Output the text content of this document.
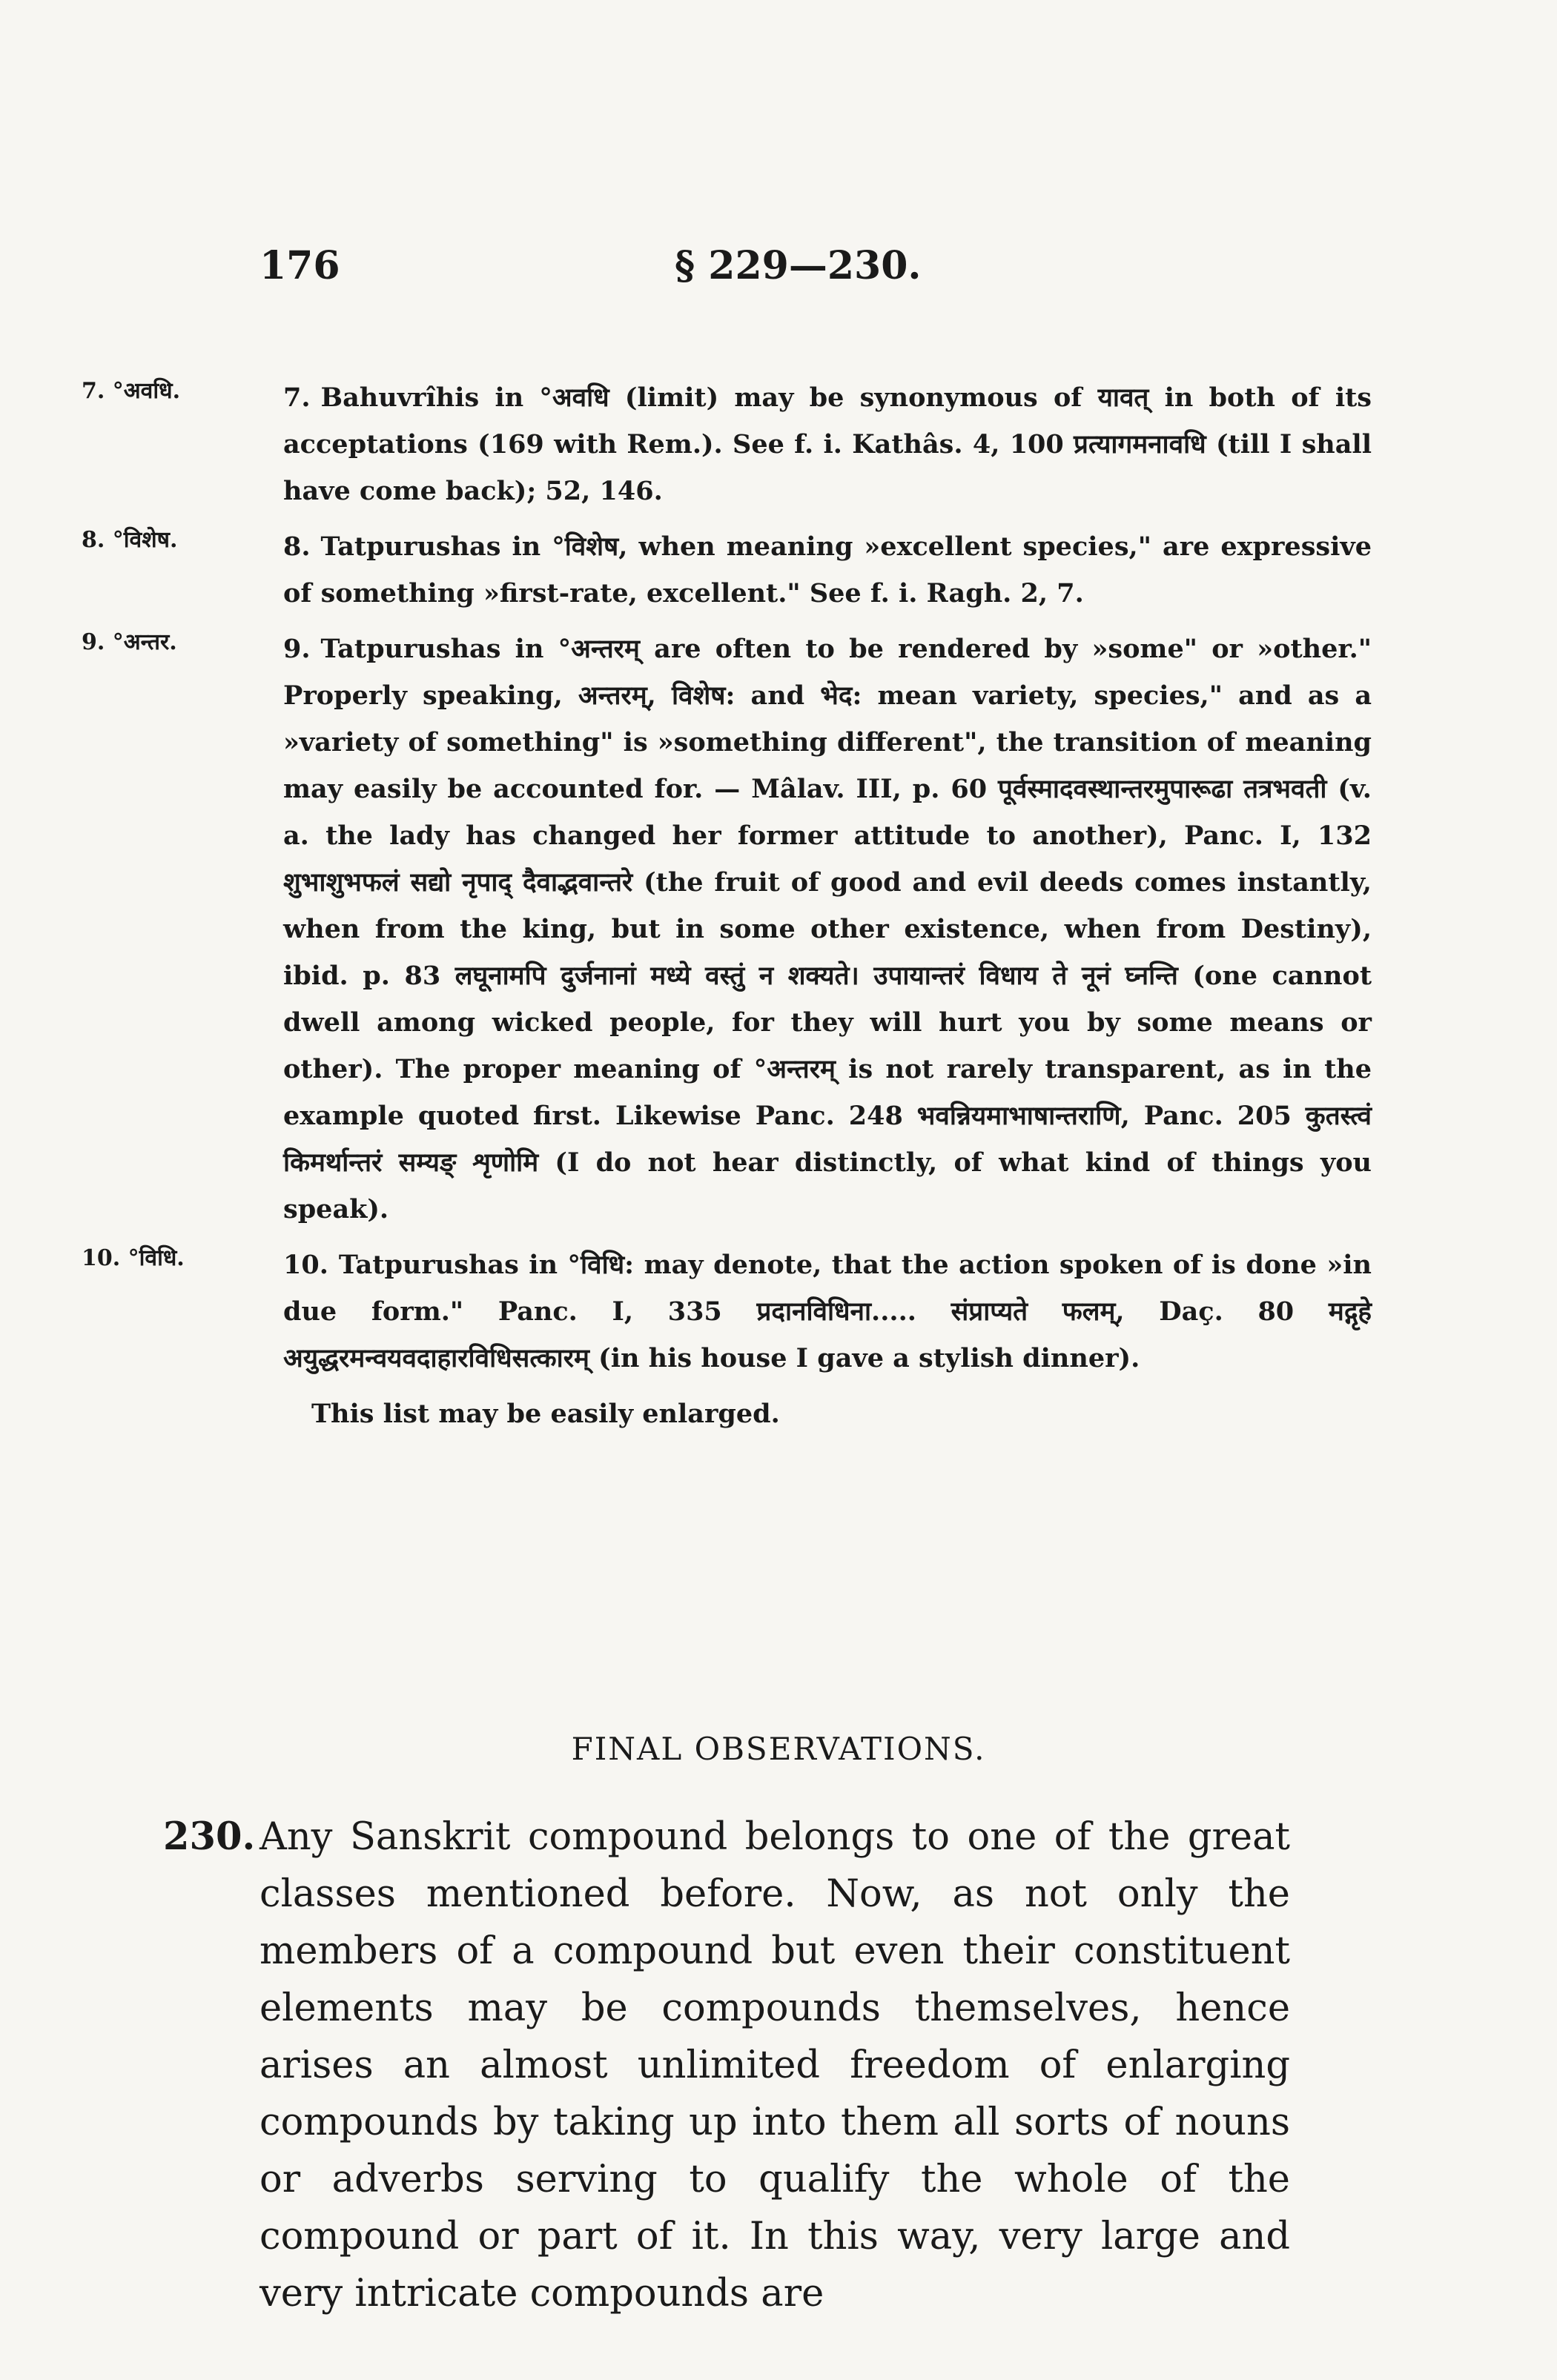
176	§ 229—230.
7. °अवधि.	7. Bahuvrîhis in °अवधि (limit) may be synonymous of यावत् in both of its acceptations (169 with Rem.). See f. i. Kathâs. 4, 100 प्रत्यागमनावधि (till I shall have come back); 52, 146.
8. °विशेष.	8. Tatpurushas in °विशेष, when meaning »excellent species," are expressive of something »first-rate, excellent." See f. i. Ragh. 2, 7.
9. °अन्तर.	9. Tatpurushas in °अन्तरम् are often to be rendered by »some" or »other." Properly speaking, अन्तरम्, विशेष: and भेद: mean variety, species," and as a »variety of something" is »something different", the transition of meaning may easily be accounted for. — Mâlav. III, p. 60 पूर्वस्मादवस्थान्तरमुपारूढा तत्रभवती (v. a. the lady has changed her former attitude to another), Panc. I, 132 शुभाशुभफलं सद्यो नृपाद् दैवाद्भवान्तरे (the fruit of good and evil deeds comes instantly, when from the king, but in some other existence, when from Destiny), ibid. p. 83 लघूनामपि दुर्जनानां मध्ये वस्तुं न शक्यते। उपायान्तरं विधाय ते नूनं घ्नन्ति (one cannot dwell among wicked people, for they will hurt you by some means or other). The proper meaning of °अन्तरम् is not rarely transparent, as in the example quoted first. Likewise Panc. 248 भवन्नियमाभाषान्तराणि, Panc. 205 कुतस्त्वं किमर्थान्तरं सम्यङ् शृणोमि (I do not hear distinctly, of what kind of things you speak).
10. °विधि.	10. Tatpurushas in °विधि: may denote, that the action spoken of is done »in due form." Panc. I, 335 प्रदानविधिना..... संप्राप्यते फलम्, Daç. 80 मद्गृहे अयुद्धरमन्वयवदाहारविधिसत्कारम् (in his house I gave a stylish dinner).
This list may be easily enlarged.
FINAL OBSERVATIONS.
230. Any Sanskrit compound belongs to one of the great classes mentioned before. Now, as not only the members of a compound but even their constituent elements may be compounds themselves, hence arises an almost unlimited freedom of enlarging compounds by taking up into them all sorts of nouns or adverbs serving to qualify the whole of the compound or part of it. In this way, very large and very intricate compounds are
